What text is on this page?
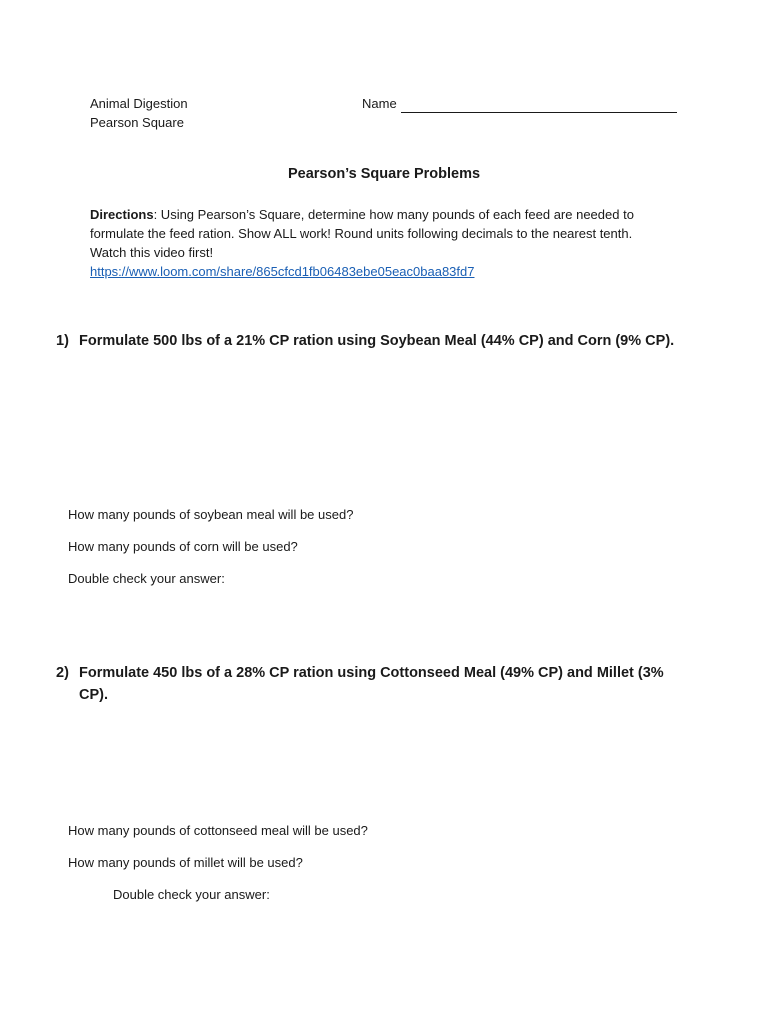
Animal Digestion
Pearson Square
Name
Pearson’s Square Problems
Directions: Using Pearson’s Square, determine how many pounds of each feed are needed to formulate the feed ration. Show ALL work! Round units following decimals to the nearest tenth.
Watch this video first!
https://www.loom.com/share/865cfcd1fb06483ebe05eac0baa83fd7
1) Formulate 500 lbs of a 21% CP ration using Soybean Meal (44% CP) and Corn (9% CP).
How many pounds of soybean meal will be used?
How many pounds of corn will be used?
Double check your answer:
2) Formulate 450 lbs of a 28% CP ration using Cottonseed Meal (49% CP) and Millet (3% CP).
How many pounds of cottonseed meal will be used?
How many pounds of millet will be used?
Double check your answer:
